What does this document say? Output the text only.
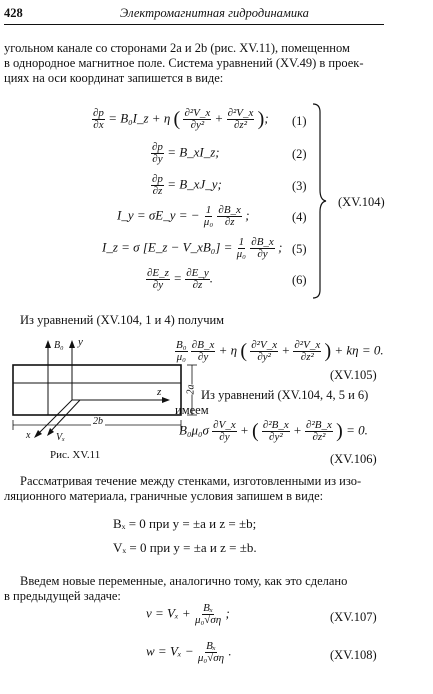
428	Электромагнитная гидродинамика
угольном канале со сторонами 2a и 2b (рис. XV.11), помещенном
в однородное магнитное поле. Система уравнений (XV.49) в проек-
циях на оси координат запишется в виде:
$\frac{\partial p}{\partial x}$ = B₀I_z + η ( $\frac{\text{∂²V\_x}}{\text{∂y²}} + \frac{\text{∂²V\_x}}{\text{∂z²}}$ ); (1)
$\frac{\partial p}{\partial y}$ = B_xI_z;	(2)
$\frac{\partial p}{\partial z}$ = B_xJ_y;	(3)
I_y = σE_y = − $\frac{1}{\text{μ₀}}$
$\frac{\partial B\_x}{\partial z}$ ;	(4)
I_z = σ [E_z − V_xB₀] = $\frac{1}{\text{μ₀}}$
$\frac{\partial B\_x}{\partial y}$ ; (5)
$\frac{\partial E\_z}{\partial y} = \frac{\partial E\_y}{\partial z}$ .	(6)
(XV.104)
Из уравнений (XV.104, 1 и 4) получим
B₀ y
z
x	Vₓ
2b
2a
Рис. XV.11
$\frac{\text{B₀}}{\text{μ₀}}$
$\frac{\partial B\_x}{\partial y} + \eta$ ( $\frac{\text{∂²V\_x}}{\text{∂y²}} + \frac{\text{∂²V\_x}}{\text{∂z²}}$ ) + kη = 0.
(XV.105)
Из уравнений (XV.104, 4, 5 и 6)
имеем
$B_0\mu_0\sigma \frac{\partial V\_x}{\partial y}$ + ( $\frac{\text{∂²B\_x}}{\text{∂y²}} + \frac{\text{∂²B\_x}}{\text{∂z²}}$ ) = 0.
(XV.106)
Рассматривая течение между стенками, изготовленными из изо-
ляционного материала, граничные условия запишем в виде:
Bₓ = 0 при y = ±a и z = ±b;
Vₓ = 0 при y = ±a и z = ±b.
Введем новые переменные, аналогично тому, как это сделано
в предыдущей задаче:
$v = V_x + \frac{\text{Bₓ}}{\text{μ₀√ση}}$ ;	(XV.107)
$w = V_x - \frac{\text{Bₓ}}{\text{μ₀√ση}}$ .	(XV.108)
